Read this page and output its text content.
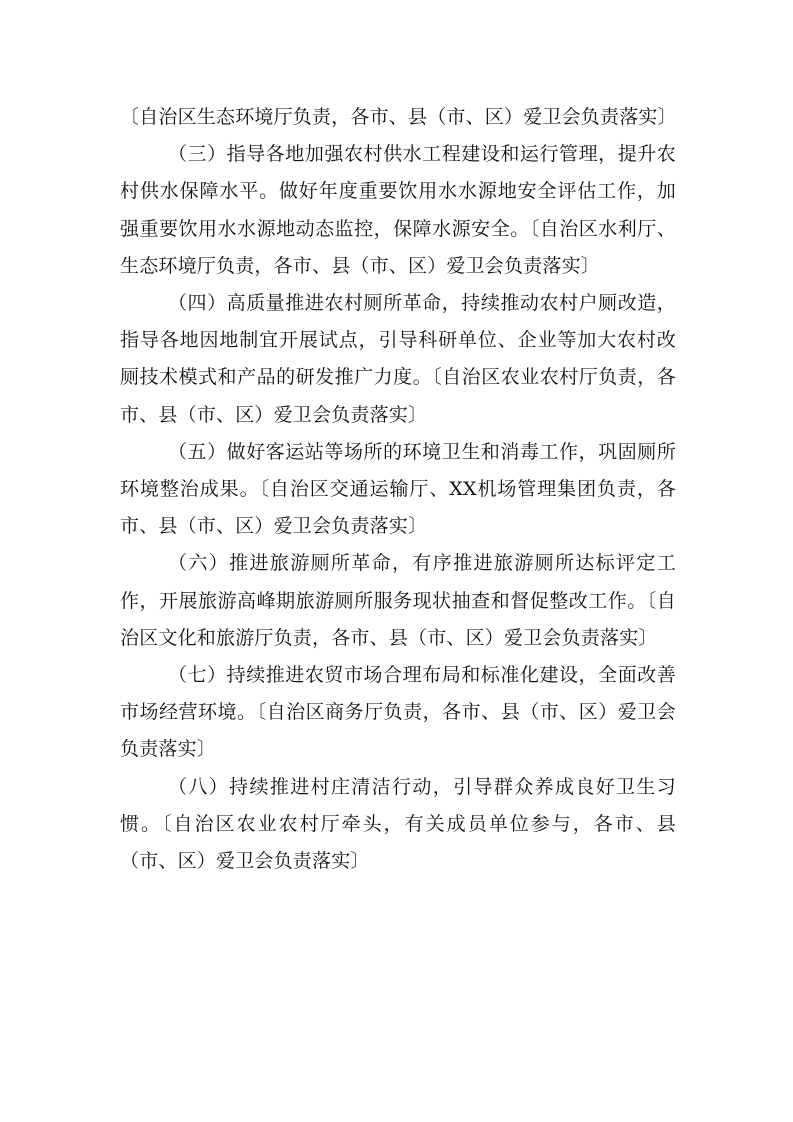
〔自治区生态环境厅负责，各市、县（市、区）爱卫会负责落实〕

（三）指导各地加强农村供水工程建设和运行管理，提升农村供水保障水平。做好年度重要饮用水水源地安全评估工作，加强重要饮用水水源地动态监控，保障水源安全。〔自治区水利厅、生态环境厅负责，各市、县（市、区）爱卫会负责落实〕

（四）高质量推进农村厕所革命，持续推动农村户厕改造，指导各地因地制宜开展试点，引导科研单位、企业等加大农村改厕技术模式和产品的研发推广力度。〔自治区农业农村厅负责，各市、县（市、区）爱卫会负责落实〕

（五）做好客运站等场所的环境卫生和消毒工作，巩固厕所环境整治成果。〔自治区交通运输厅、XX机场管理集团负责，各市、县（市、区）爱卫会负责落实〕

（六）推进旅游厕所革命，有序推进旅游厕所达标评定工作，开展旅游高峰期旅游厕所服务现状抽查和督促整改工作。〔自治区文化和旅游厅负责，各市、县（市、区）爱卫会负责落实〕

（七）持续推进农贸市场合理布局和标准化建设，全面改善市场经营环境。〔自治区商务厅负责，各市、县（市、区）爱卫会负责落实〕

（八）持续推进村庄清洁行动，引导群众养成良好卫生习惯。〔自治区农业农村厅牵头，有关成员单位参与，各市、县（市、区）爱卫会负责落实〕
